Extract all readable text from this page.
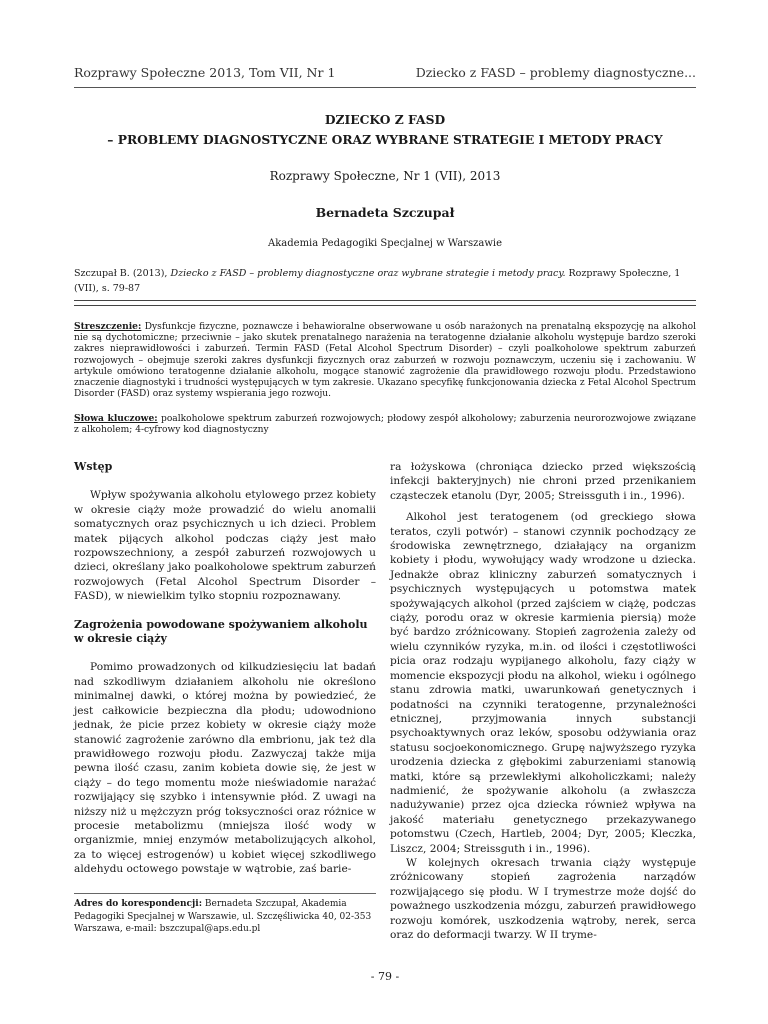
Rozprawy Społeczne 2013, Tom VII, Nr 1	Dziecko z FASD – problemy diagnostyczne...
DZIECKO Z FASD
– PROBLEMY DIAGNOSTYCZNE ORAZ WYBRANE STRATEGIE I METODY PRACY
Rozprawy Społeczne, Nr 1 (VII), 2013
Bernadeta Szczupał
Akademia Pedagogiki Specjalnej w Warszawie
Szczupał B. (2013), Dziecko z FASD – problemy diagnostyczne oraz wybrane strategie i metody pracy. Rozprawy Społeczne, 1 (VII), s. 79-87
Streszczenie: Dysfunkcje fizyczne, poznawcze i behawioralne obserwowane u osób narażonych na prenatalną ekspozycję na alkohol nie są dychotomiczne; przeciwnie – jako skutek prenatalnego narażenia na teratogenne działanie alkoholu występuje bardzo szeroki zakres nieprawidłowości i zaburzeń. Termin FASD (Fetal Alcohol Spectrum Disorder) – czyli poalkoholowe spektrum zaburzeń rozwojowych – obejmuje szeroki zakres dysfunkcji fizycznych oraz zaburzeń w rozwoju poznawczym, uczeniu się i zachowaniu. W artykule omówiono teratogenne działanie alkoholu, mogące stanowić zagrożenie dla prawidłowego rozwoju płodu. Przedstawiono znaczenie diagnostyki i trudności występujących w tym zakresie. Ukazano specyfikę funkcjonowania dziecka z Fetal Alcohol Spectrum Disorder (FASD) oraz systemy wspierania jego rozwoju.
Słowa kluczowe: poalkoholowe spektrum zaburzeń rozwojowych; płodowy zespół alkoholowy; zaburzenia neurorozwojowe związane z alkoholem; 4-cyfrowy kod diagnostyczny
Wstęp

Wpływ spożywania alkoholu etylowego przez kobiety w okresie ciąży może prowadzić do wielu anomalii somatycznych oraz psychicznych u ich dzieci. Problem matek pijących alkohol podczas ciąży jest mało rozpowszechniony, a zespół zaburzeń rozwojowych u dzieci, określany jako poalkoholowe spektrum zaburzeń rozwojowych (Fetal Alcohol Spectrum Disorder – FASD), w niewielkim tylko stopniu rozpoznawany.

Zagrożenia powodowane spożywaniem alkoholu w okresie ciąży

Pomimo prowadzonych od kilkudziesięciu lat badań nad szkodliwym działaniem alkoholu nie określono minimalnej dawki, o której można by powiedzieć, że jest całkowicie bezpieczna dla płodu; udowodniono jednak, że picie przez kobiety w okresie ciąży może stanowić zagrożenie zarówno dla embrionu, jak też dla prawidłowego rozwoju płodu. Zazwyczaj także mija pewna ilość czasu, zanim kobieta dowie się, że jest w ciąży – do tego momentu może nieświadomie narażać rozwijający się szybko i intensywnie płód. Z uwagi na niższy niż u mężczyzn próg toksyczności oraz różnice w procesie metabolizmu (mniejsza ilość wody w organizmie, mniej enzymów metabolizujących alkohol, za to więcej estrogenów) u kobiet więcej szkodliwego aldehydu octowego powstaje w wątrobie, zaś barie-

ra łożyskowa (chroniąca dziecko przed większością infekcji bakteryjnych) nie chroni przed przenikaniem cząsteczek etanolu (Dyr, 2005; Streissguth i in., 1996).

Alkohol jest teratogenem (od greckiego słowa teratos, czyli potwór) – stanowi czynnik pochodzący ze środowiska zewnętrznego, działający na organizm kobiety i płodu, wywołujący wady wrodzone u dziecka. Jednakże obraz kliniczny zaburzeń somatycznych i psychicznych występujących u potomstwa matek spożywających alkohol (przed zajściem w ciążę, podczas ciąży, porodu oraz w okresie karmienia piersią) może być bardzo zróżnicowany. Stopień zagrożenia zależy od wielu czynników ryzyka, m.in. od ilości i częstotliwości picia oraz rodzaju wypijanego alkoholu, fazy ciąży w momencie ekspozycji płodu na alkohol, wieku i ogólnego stanu zdrowia matki, uwarunkowań genetycznych i podatności na czynniki teratogenne, przynależności etnicznej, przyjmowania innych substancji psychoaktywnych oraz leków, sposobu odżywiania oraz statusu socjoekonomicznego. Grupę najwyższego ryzyka urodzenia dziecka z głębokimi zaburzeniami stanowią matki, które są przewlekłymi alkoholiczkami; należy nadmienić, że spożywanie alkoholu (a zwłaszcza nadużywanie) przez ojca dziecka również wpływa na jakość materiału genetycznego przekazywanego potomstwu (Czech, Hartleb, 2004; Dyr, 2005; Kleczka, Liszcz, 2004; Streissguth i in., 1996).

W kolejnych okresach trwania ciąży występuje zróżnicowany stopień zagrożenia narządów rozwijającego się płodu. W I trymestrze może dojść do poważnego uszkodzenia mózgu, zaburzeń prawidłowego rozwoju komórek, uszkodzenia wątroby, nerek, serca oraz do deformacji twarzy. W II tryme-

Adres do korespondencji: Bernadeta Szczupał, Akademia Pedagogiki Specjalnej w Warszawie, ul. Szczęśliwicka 40, 02-353 Warszawa, e-mail: bszczupal@aps.edu.pl
- 79 -
